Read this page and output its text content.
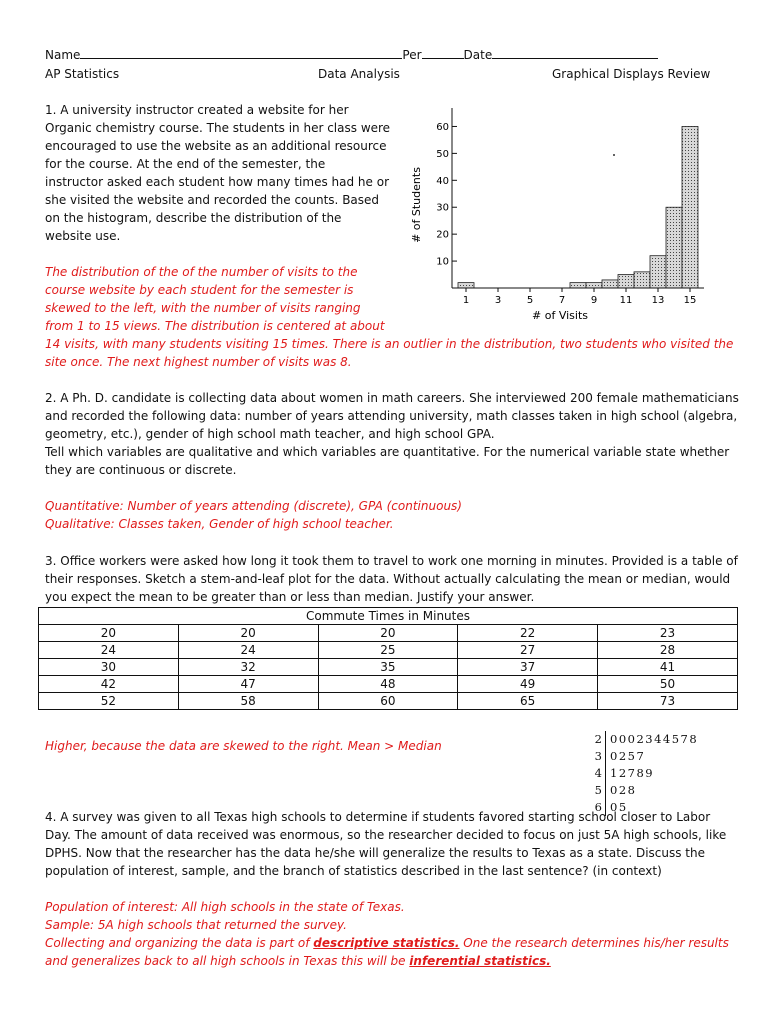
Name	Per	Date
AP Statistics	Data Analysis	Graphical Displays Review
1. A university instructor created a website for her
Organic chemistry course. The students in her class were
encouraged to use the website as an additional resource
for the course. At the end of the semester, the
instructor asked each student how many times had he or
she visited the website and recorded the counts. Based
on the histogram, describe the distribution of the
website use.
The distribution of the of the number of visits to the
course website by each student for the semester is
skewed to the left, with the number of visits ranging
from 1 to 15 views. The distribution is centered at about
14 visits, with many students visiting 15 times. There is an outlier in the distribution, two students who visited the
site once. The next highest number of visits was 8.
10
20
30
40
50
60
1	3	5	7	9 11 13 15
# of Students
# of Visits
2. A Ph. D. candidate is collecting data about women in math careers. She interviewed 200 female mathematicians
and recorded the following data: number of years attending university, math classes taken in high school (algebra,
geometry, etc.), gender of high school math teacher, and high school GPA.
Tell which variables are qualitative and which variables are quantitative. For the numerical variable state whether
they are continuous or discrete.
Quantitative: Number of years attending (discrete), GPA (continuous)
Qualitative: Classes taken, Gender of high school teacher.
3. Office workers were asked how long it took them to travel to work one morning in minutes. Provided is a table of
their responses. Sketch a stem-and-leaf plot for the data. Without actually calculating the mean or median, would
you expect the mean to be greater than or less than median. Justify your answer.
Commute Times in Minutes				
20	20	20	22	23
24	24	25	27	28
30	32	35	37	41
42	47	48	49	50
52	58	60	65	73
Higher, because the data are skewed to the right. Mean > Median	2 0002344578
3 0257
4 12789
5 028
6 05
4. A survey was given to all Texas high schools to determine if students favored starting school closer to Labor
Day. The amount of data received was enormous, so the researcher decided to focus on just 5A high schools, like
DPHS. Now that the researcher has the data he/she will generalize the results to Texas as a state. Discuss the
population of interest, sample, and the branch of statistics described in the last sentence? (in context)
Population of interest: All high schools in the state of Texas.
Sample: 5A high schools that returned the survey.
Collecting and organizing the data is part of descriptive statistics. One the research determines his/her results
and generalizes back to all high schools in Texas this will be inferential statistics.
